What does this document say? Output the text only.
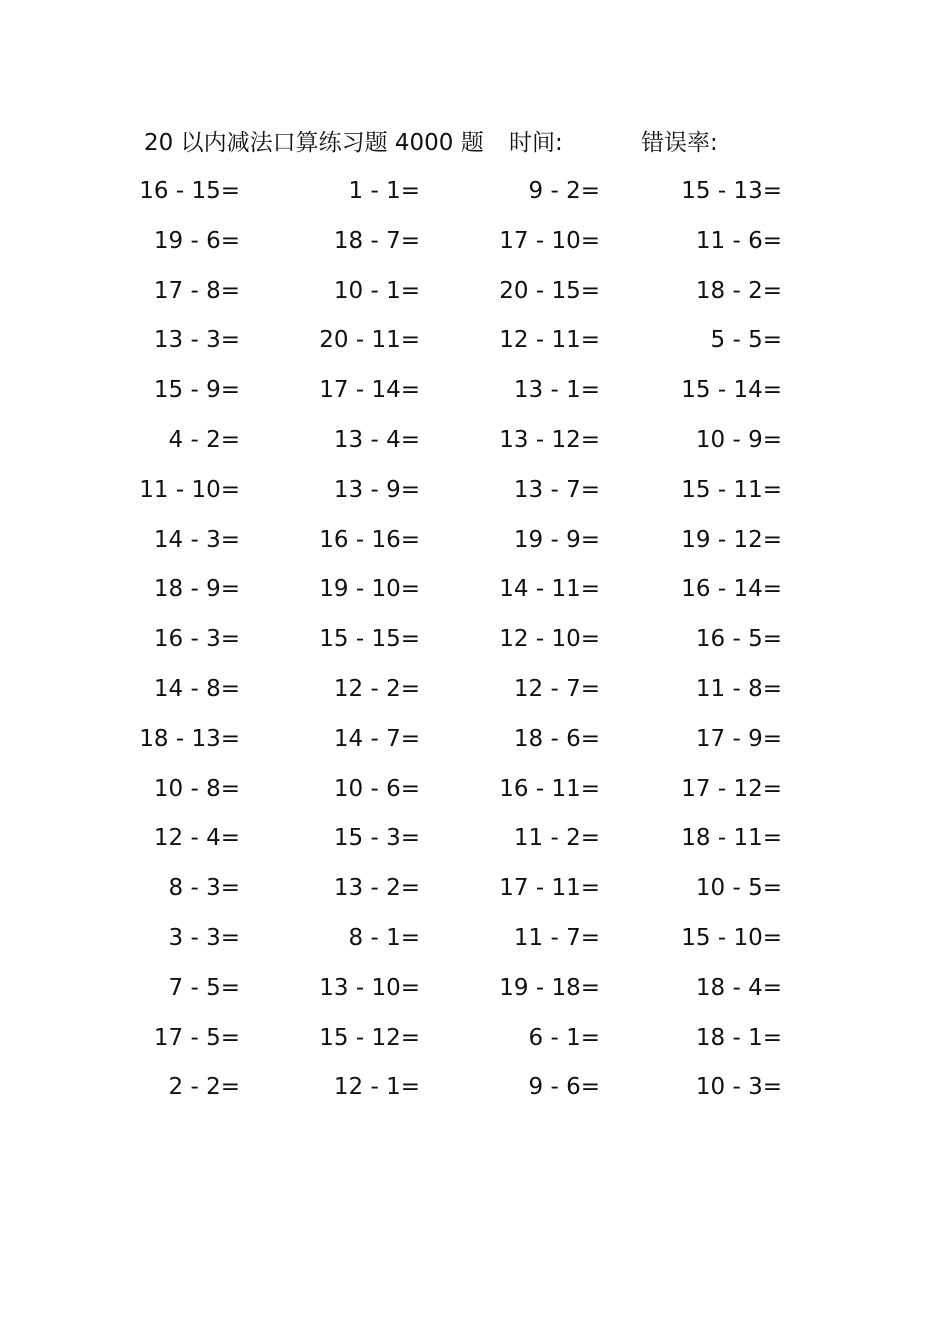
20 以内减法口算练习题 4000 题 时间:	错误率:
16 - 15=	1 - 1=	9 - 2=	15 - 13=
19 - 6=	18 - 7=	17 - 10=	11 - 6=
17 - 8=	10 - 1=	20 - 15=	18 - 2=
13 - 3=	20 - 11=	12 - 11=	5 - 5=
15 - 9=	17 - 14=	13 - 1=	15 - 14=
4 - 2=	13 - 4=	13 - 12=	10 - 9=
11 - 10=	13 - 9=	13 - 7=	15 - 11=
14 - 3=	16 - 16=	19 - 9=	19 - 12=
18 - 9=	19 - 10=	14 - 11=	16 - 14=
16 - 3=	15 - 15=	12 - 10=	16 - 5=
14 - 8=	12 - 2=	12 - 7=	11 - 8=
18 - 13=	14 - 7=	18 - 6=	17 - 9=
10 - 8=	10 - 6=	16 - 11=	17 - 12=
12 - 4=	15 - 3=	11 - 2=	18 - 11=
8 - 3=	13 - 2=	17 - 11=	10 - 5=
3 - 3=	8 - 1=	11 - 7=	15 - 10=
7 - 5=	13 - 10=	19 - 18=	18 - 4=
17 - 5=	15 - 12=	6 - 1=	18 - 1=
2 - 2=	12 - 1=	9 - 6=	10 - 3=
